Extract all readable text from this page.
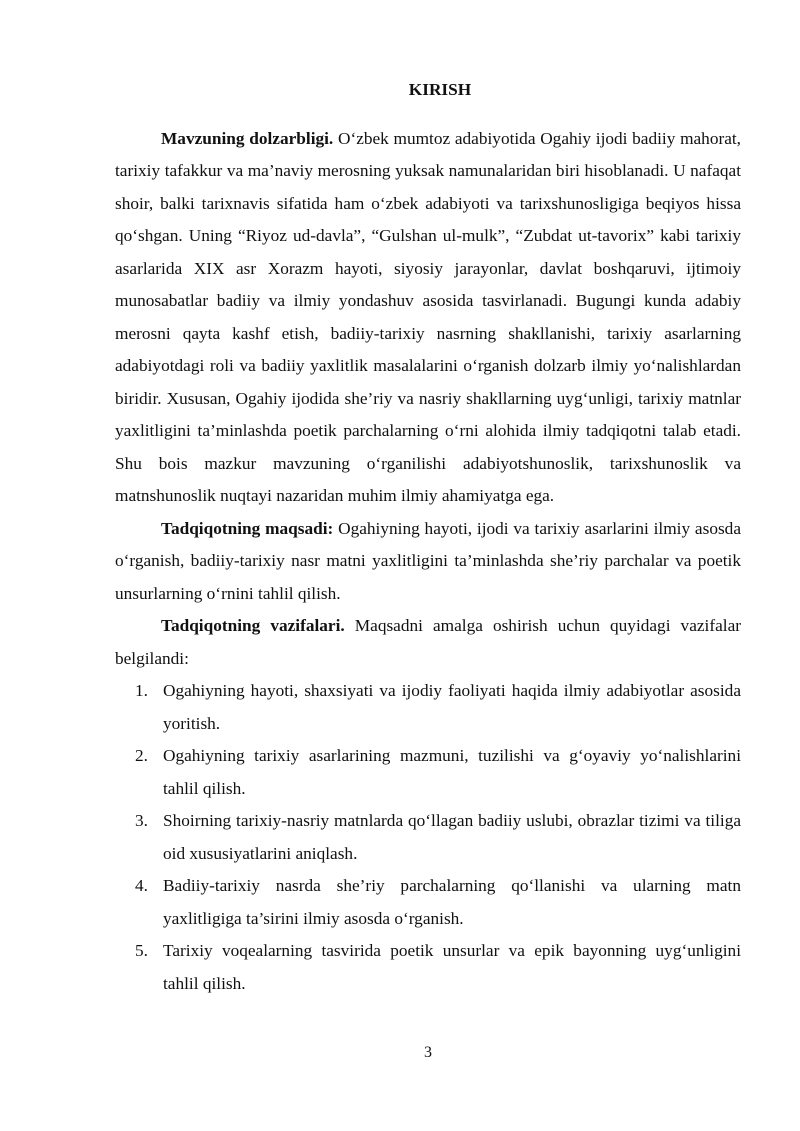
KIRISH

Mavzuning dolzarbligi. O‘zbek mumtoz adabiyotida Ogahiy ijodi badiiy mahorat, tarixiy tafakkur va ma’naviy merosning yuksak namunalaridan biri hisoblanadi. U nafaqat shoir, balki tarixnavis sifatida ham o‘zbek adabiyoti va tarixshunosligiga beqiyos hissa qo‘shgan. Uning “Riyoz ud-davla”, “Gulshan ul-mulk”, “Zubdat ut-tavorix” kabi tarixiy asarlarida XIX asr Xorazm hayoti, siyosiy jarayonlar, davlat boshqaruvi, ijtimoiy munosabatlar badiiy va ilmiy yondashuv asosida tasvirlanadi. Bugungi kunda adabiy merosni qayta kashf etish, badiiy-tarixiy nasrning shakllanishi, tarixiy asarlarning adabiyotdagi roli va badiiy yaxlitlik masalalarini o‘rganish dolzarb ilmiy yo‘nalishlardan biridir. Xususan, Ogahiy ijodida she’riy va nasriy shakllarning uyg‘unligi, tarixiy matnlar yaxlitligini ta’minlashda poetik parchalarning o‘rni alohida ilmiy tadqiqotni talab etadi. Shu bois mazkur mavzuning o‘rganilishi adabiyotshunoslik, tarixshunoslik va matnshunoslik nuqtayi nazaridan muhim ilmiy ahamiyatga ega.

Tadqiqotning maqsadi: Ogahiyning hayoti, ijodi va tarixiy asarlarini ilmiy asosda o‘rganish, badiiy-tarixiy nasr matni yaxlitligini ta’minlashda she’riy parchalar va poetik unsurlarning o‘rnini tahlil qilish.

Tadqiqotning vazifalari. Maqsadni amalga oshirish uchun quyidagi vazifalar belgilandi:

1. Ogahiyning hayoti, shaxsiyati va ijodiy faoliyati haqida ilmiy adabiyotlar asosida yoritish.
2. Ogahiyning tarixiy asarlarining mazmuni, tuzilishi va g‘oyaviy yo‘nalishlarini tahlil qilish.
3. Shoirning tarixiy-nasriy matnlarda qo‘llagan badiiy uslubi, obrazlar tizimi va tiliga oid xususiyatlarini aniqlash.
4. Badiiy-tarixiy nasrda she’riy parchalarning qo‘llanishi va ularning matn yaxlitligiga ta’sirini ilmiy asosda o‘rganish.
5. Tarixiy voqealarning tasvirida poetik unsurlar va epik bayonning uyg‘unligini tahlil qilish.
3
